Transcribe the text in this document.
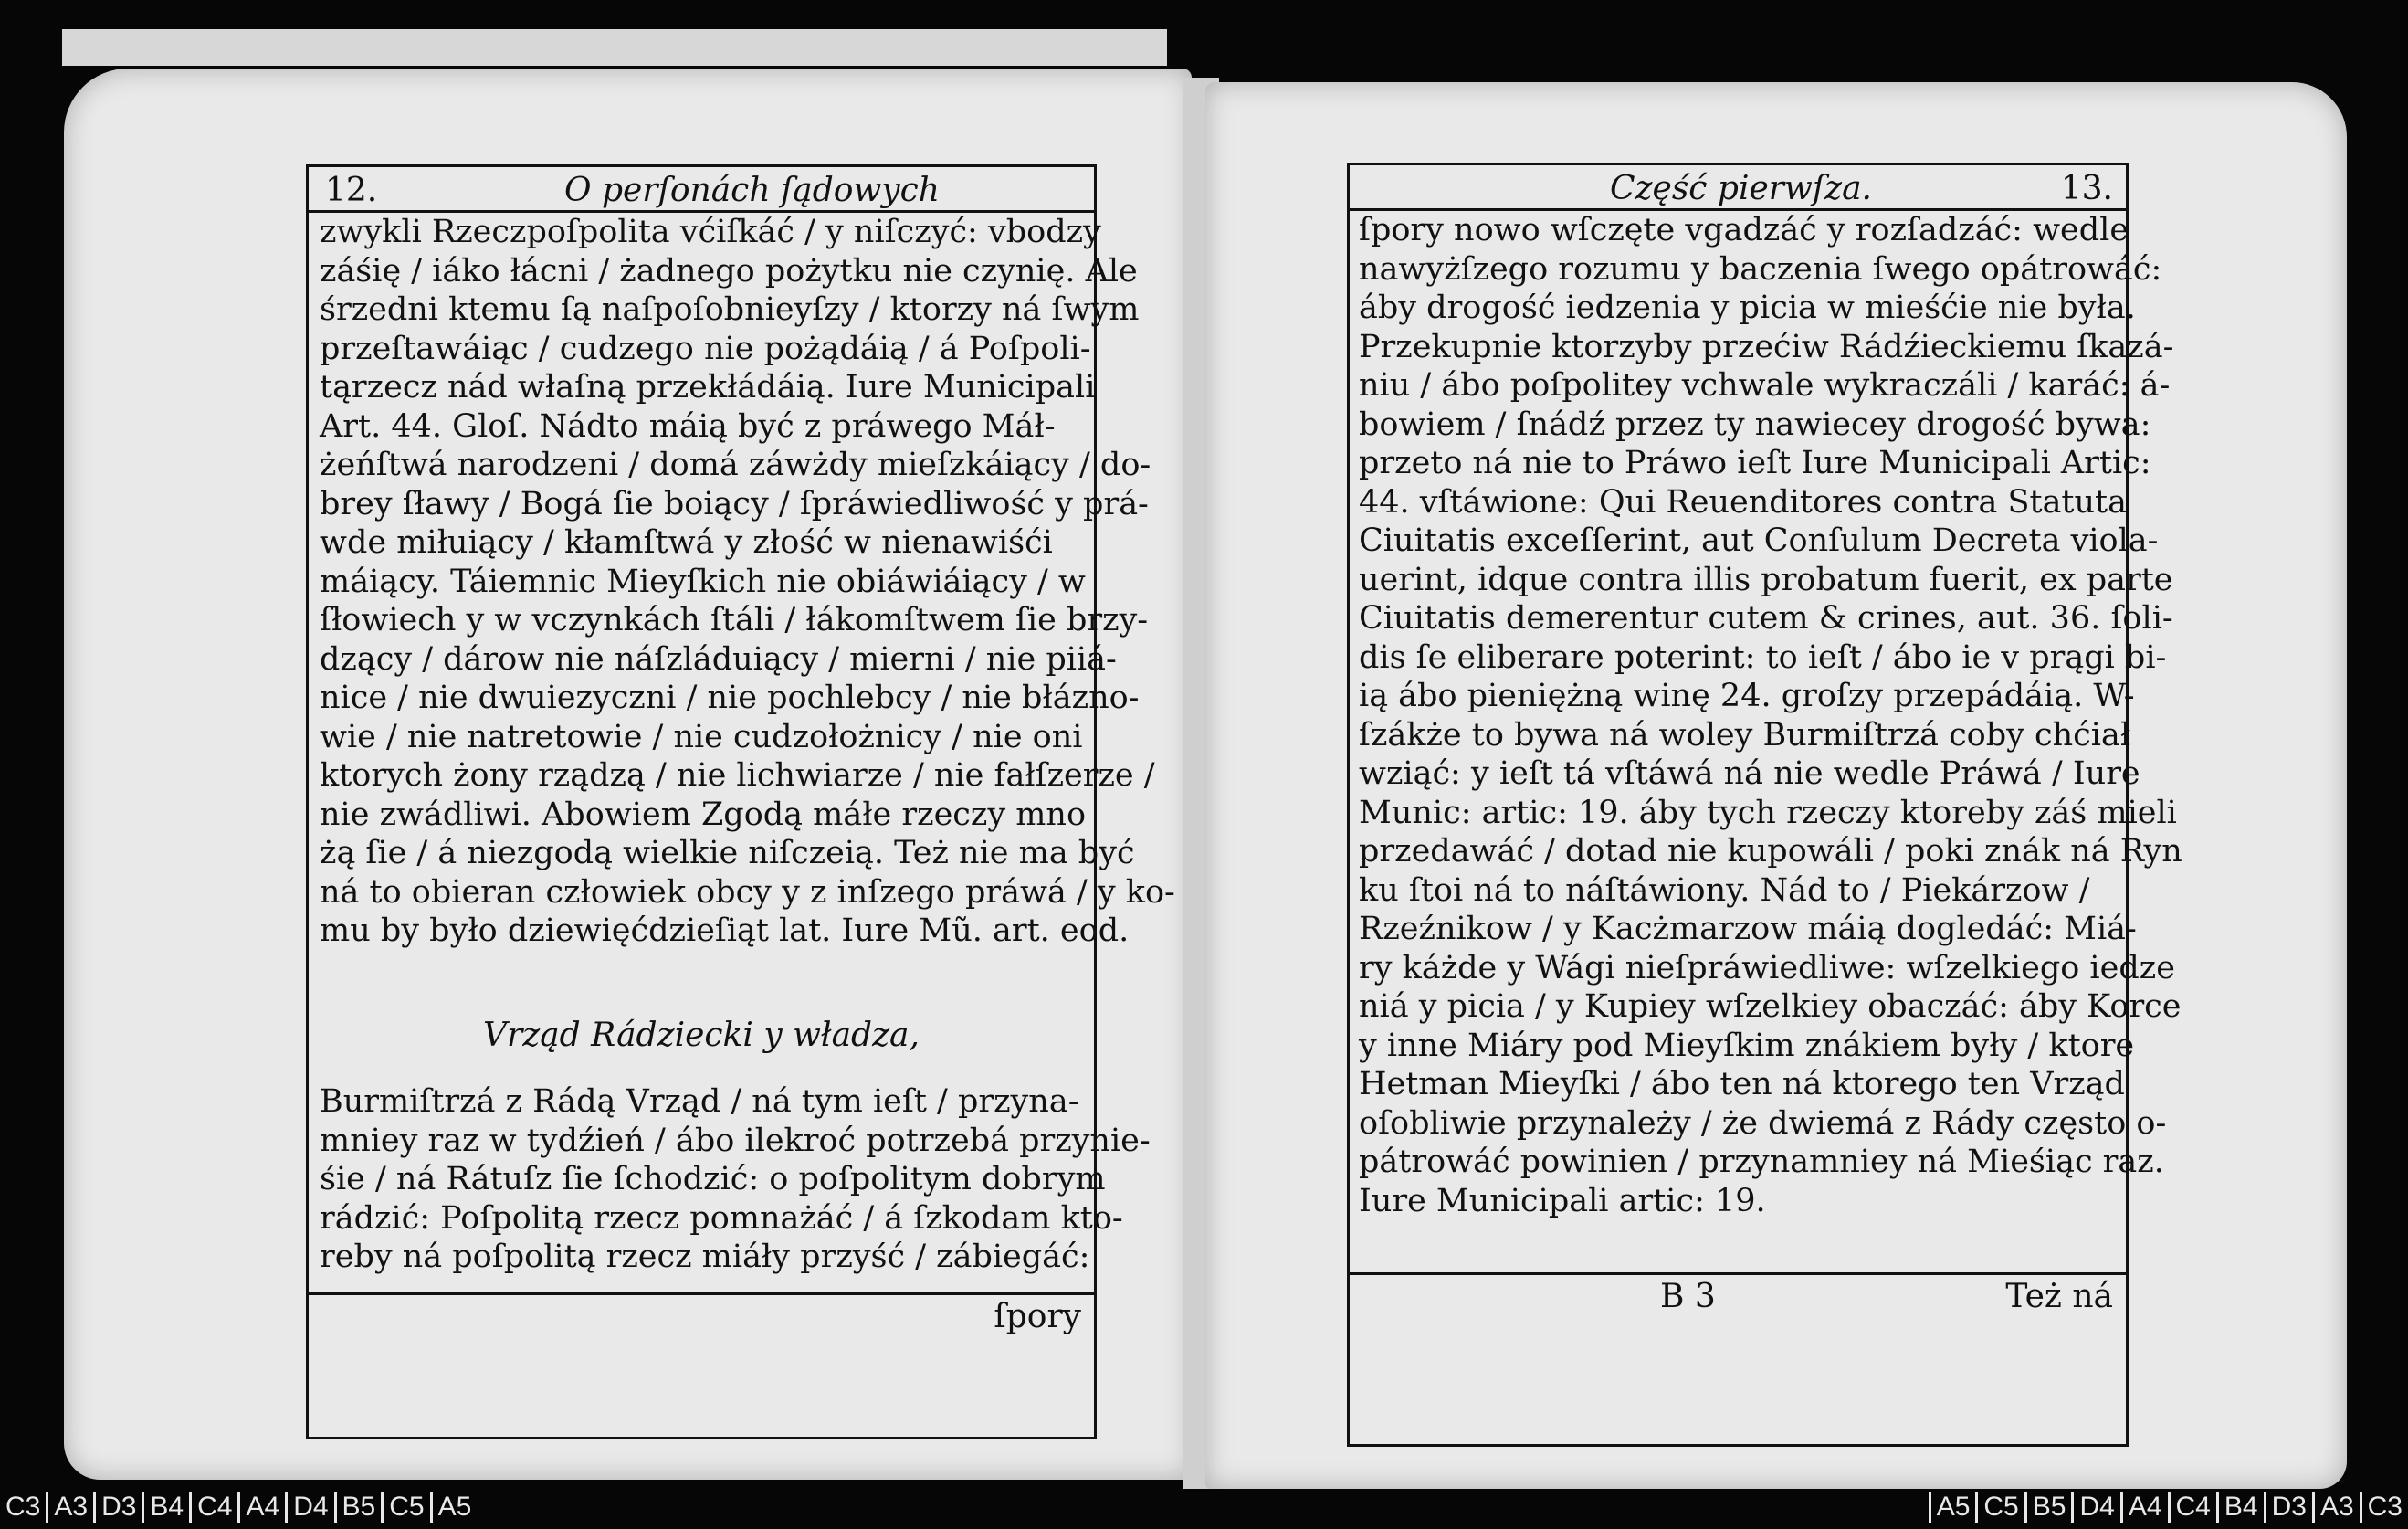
12.	O perſonách ſądowych
zwykli Rzeczpoſpolita vćiſkáć / y niſczyć: vbodzy
záśię / iáko łácni / żadnego pożytku nie czynię. Ale
śrzedni ktemu ſą naſpoſobnieyſzy / ktorzy ná ſwym
przeſtawáiąc / cudzego nie pożądáią / á Poſpoli-
tąrzecz nád właſną przekłádáią. Iure Municipali
Art. 44. Gloſ. Nádto máią być z práwego Máł-
żeńſtwá narodzeni / domá záwżdy mieſzkáiący / do-
brey ſławy / Bogá ſie boiący / ſpráwiedliwość y prá-
wde miłuiący / kłamſtwá y złość w nienawiśći
máiący. Táiemnic Mieyſkich nie obiáwiáiący / w
ſłowiech y w vczynkách ſtáli / łákomſtwem ſie brzy-
dzący / dárow nie náſzláduiący / mierni / nie piiá-
nice / nie dwuiezyczni / nie pochlebcy / nie błázno-
wie / nie natretowie / nie cudzołożnicy / nie oni
ktorych żony rządzą / nie lichwiarze / nie fałſzerze /
nie zwádliwi. Abowiem Zgodą máłe rzeczy mno
żą ſie / á niezgodą wielkie niſczeią. Też nie ma być
ná to obieran człowiek obcy y z inſzego práwá / y ko-
mu by było dziewięćdzieſiąt lat. Iure Mũ. art. eod.
Vrząd Rádziecki y władza,
Burmiſtrzá z Rádą Vrząd / ná tym ieſt / przyna-
mniey raz w tydźień / ábo ilekroć potrzebá przynie-
śie / ná Rátuſz ſie ſchodzić: o poſpolitym dobrym
rádzić: Poſpolitą rzecz pomnażáć / á ſzkodam kto-
reby ná poſpolitą rzecz miáły przyść / zábiegáć:
ſpory
Część pierwſza.	13.
ſpory nowo wſczęte vgadzáć y rozſadzáć: wedle
nawyżſzego rozumu y baczenia ſwego opátrowáć:
áby drogość iedzenia y picia w mieśćie nie była.
Przekupnie ktorzyby przećiw Rádźieckiemu ſkazá-
niu / ábo poſpolitey vchwale wykraczáli / karáć: á-
bowiem / ſnádź przez ty nawiecey drogość bywa:
przeto ná nie to Práwo ieſt Iure Municipali Artic:
44. vſtáwione: Qui Reuenditores contra Statuta
Ciuitatis exceſſerint, aut Conſulum Decreta viola-
uerint, idque contra illis probatum fuerit, ex parte
Ciuitatis demerentur cutem & crines, aut. 36. ſoli-
dis ſe eliberare poterint: to ieſt / ábo ie v prągi bi-
ią ábo pieniężną winę 24. groſzy przepádáią. W-
ſzákże to bywa ná woley Burmiſtrzá coby chćiał
wziąć: y ieſt tá vſtáwá ná nie wedle Práwá / Iure
Munic: artic: 19. áby tych rzeczy ktoreby záś mieli
przedawáć / dotad nie kupowáli / poki znák ná Ryn
ku ſtoi ná to náſtáwiony. Nád to / Piekárzow /
Rzeźnikow / y Kacżmarzow máią dogledáć: Miá-
ry káżde y Wági nieſpráwiedliwe: wſzelkiego iedze
niá y picia / y Kupiey wſzelkiey obaczáć: áby Korce
y inne Miáry pod Mieyſkim znákiem były / ktore
Hetman Mieyſki / ábo ten ná ktorego ten Vrząd
oſobliwie przynależy / że dwiemá z Rády często o-
pátrowáć powinien / przynamniey ná Mieśiąc raz.
Iure Municipali artic: 19.
B 3	Też ná
C3 A3 D3 B4 C4 A4 D4 B5 C5 A5	A5 C5 B5 D4 A4 C4 B4 D3 A3 C3
